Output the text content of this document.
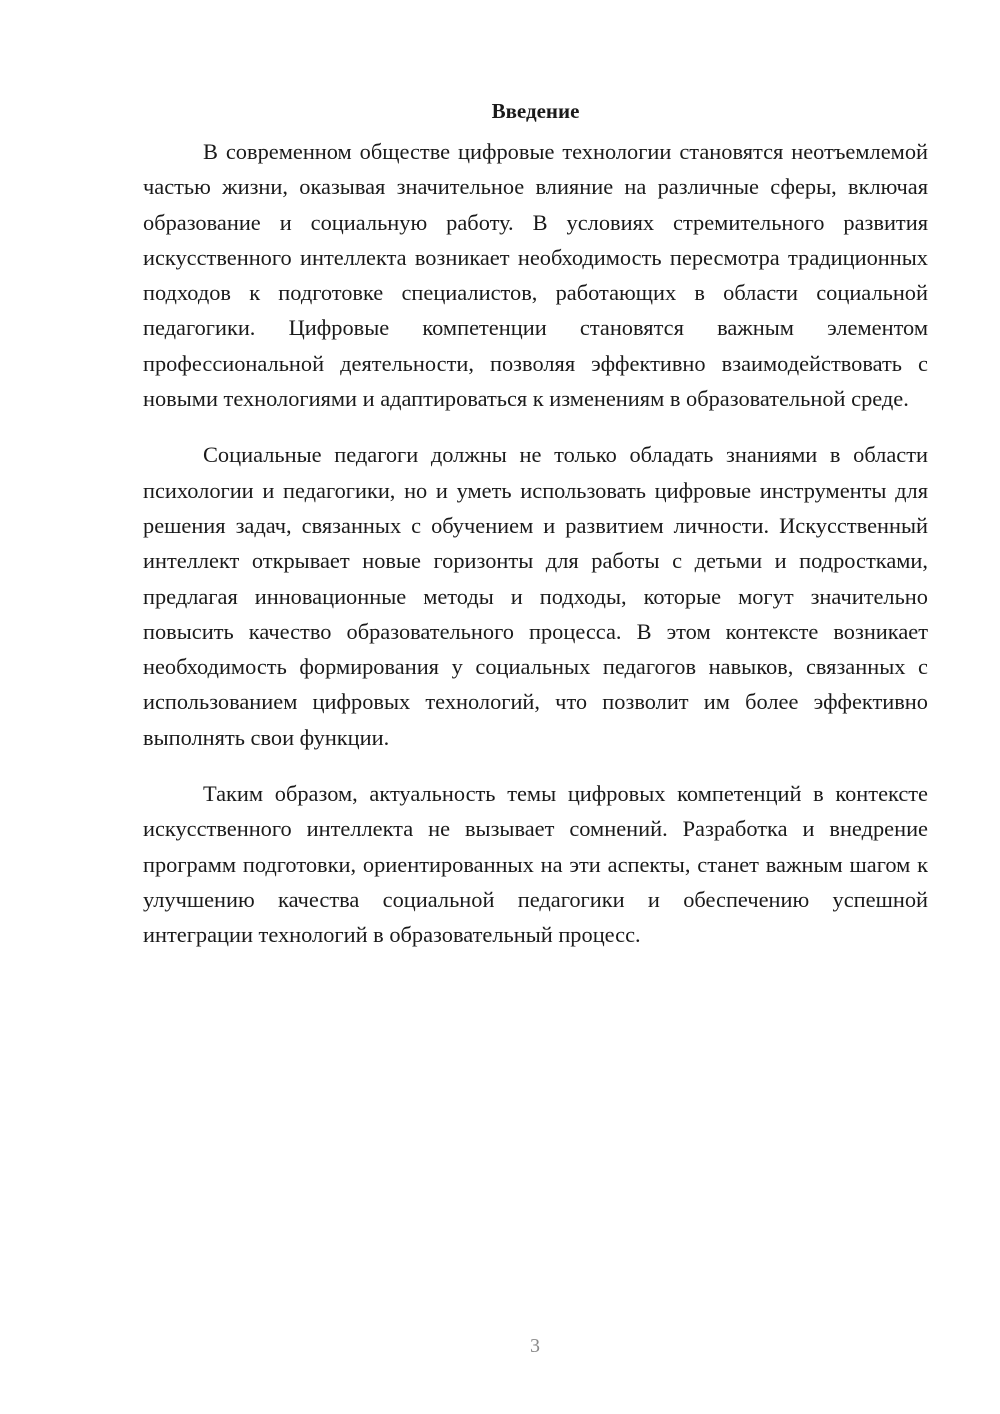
Введение

В современном обществе цифровые технологии становятся неотъемлемой частью жизни, оказывая значительное влияние на различные сферы, включая образование и социальную работу. В условиях стремительного развития искусственного интеллекта возникает необходимость пересмотра традиционных подходов к подготовке специалистов, работающих в области социальной педагогики. Цифровые компетенции становятся важным элементом профессиональной деятельности, позволяя эффективно взаимодействовать с новыми технологиями и адаптироваться к изменениям в образовательной среде.

Социальные педагоги должны не только обладать знаниями в области психологии и педагогики, но и уметь использовать цифровые инструменты для решения задач, связанных с обучением и развитием личности. Искусственный интеллект открывает новые горизонты для работы с детьми и подростками, предлагая инновационные методы и подходы, которые могут значительно повысить качество образовательного процесса. В этом контексте возникает необходимость формирования у социальных педагогов навыков, связанных с использованием цифровых технологий, что позволит им более эффективно выполнять свои функции.

Таким образом, актуальность темы цифровых компетенций в контексте искусственного интеллекта не вызывает сомнений. Разработка и внедрение программ подготовки, ориентированных на эти аспекты, станет важным шагом к улучшению качества социальной педагогики и обеспечению успешной интеграции технологий в образовательный процесс.

3
